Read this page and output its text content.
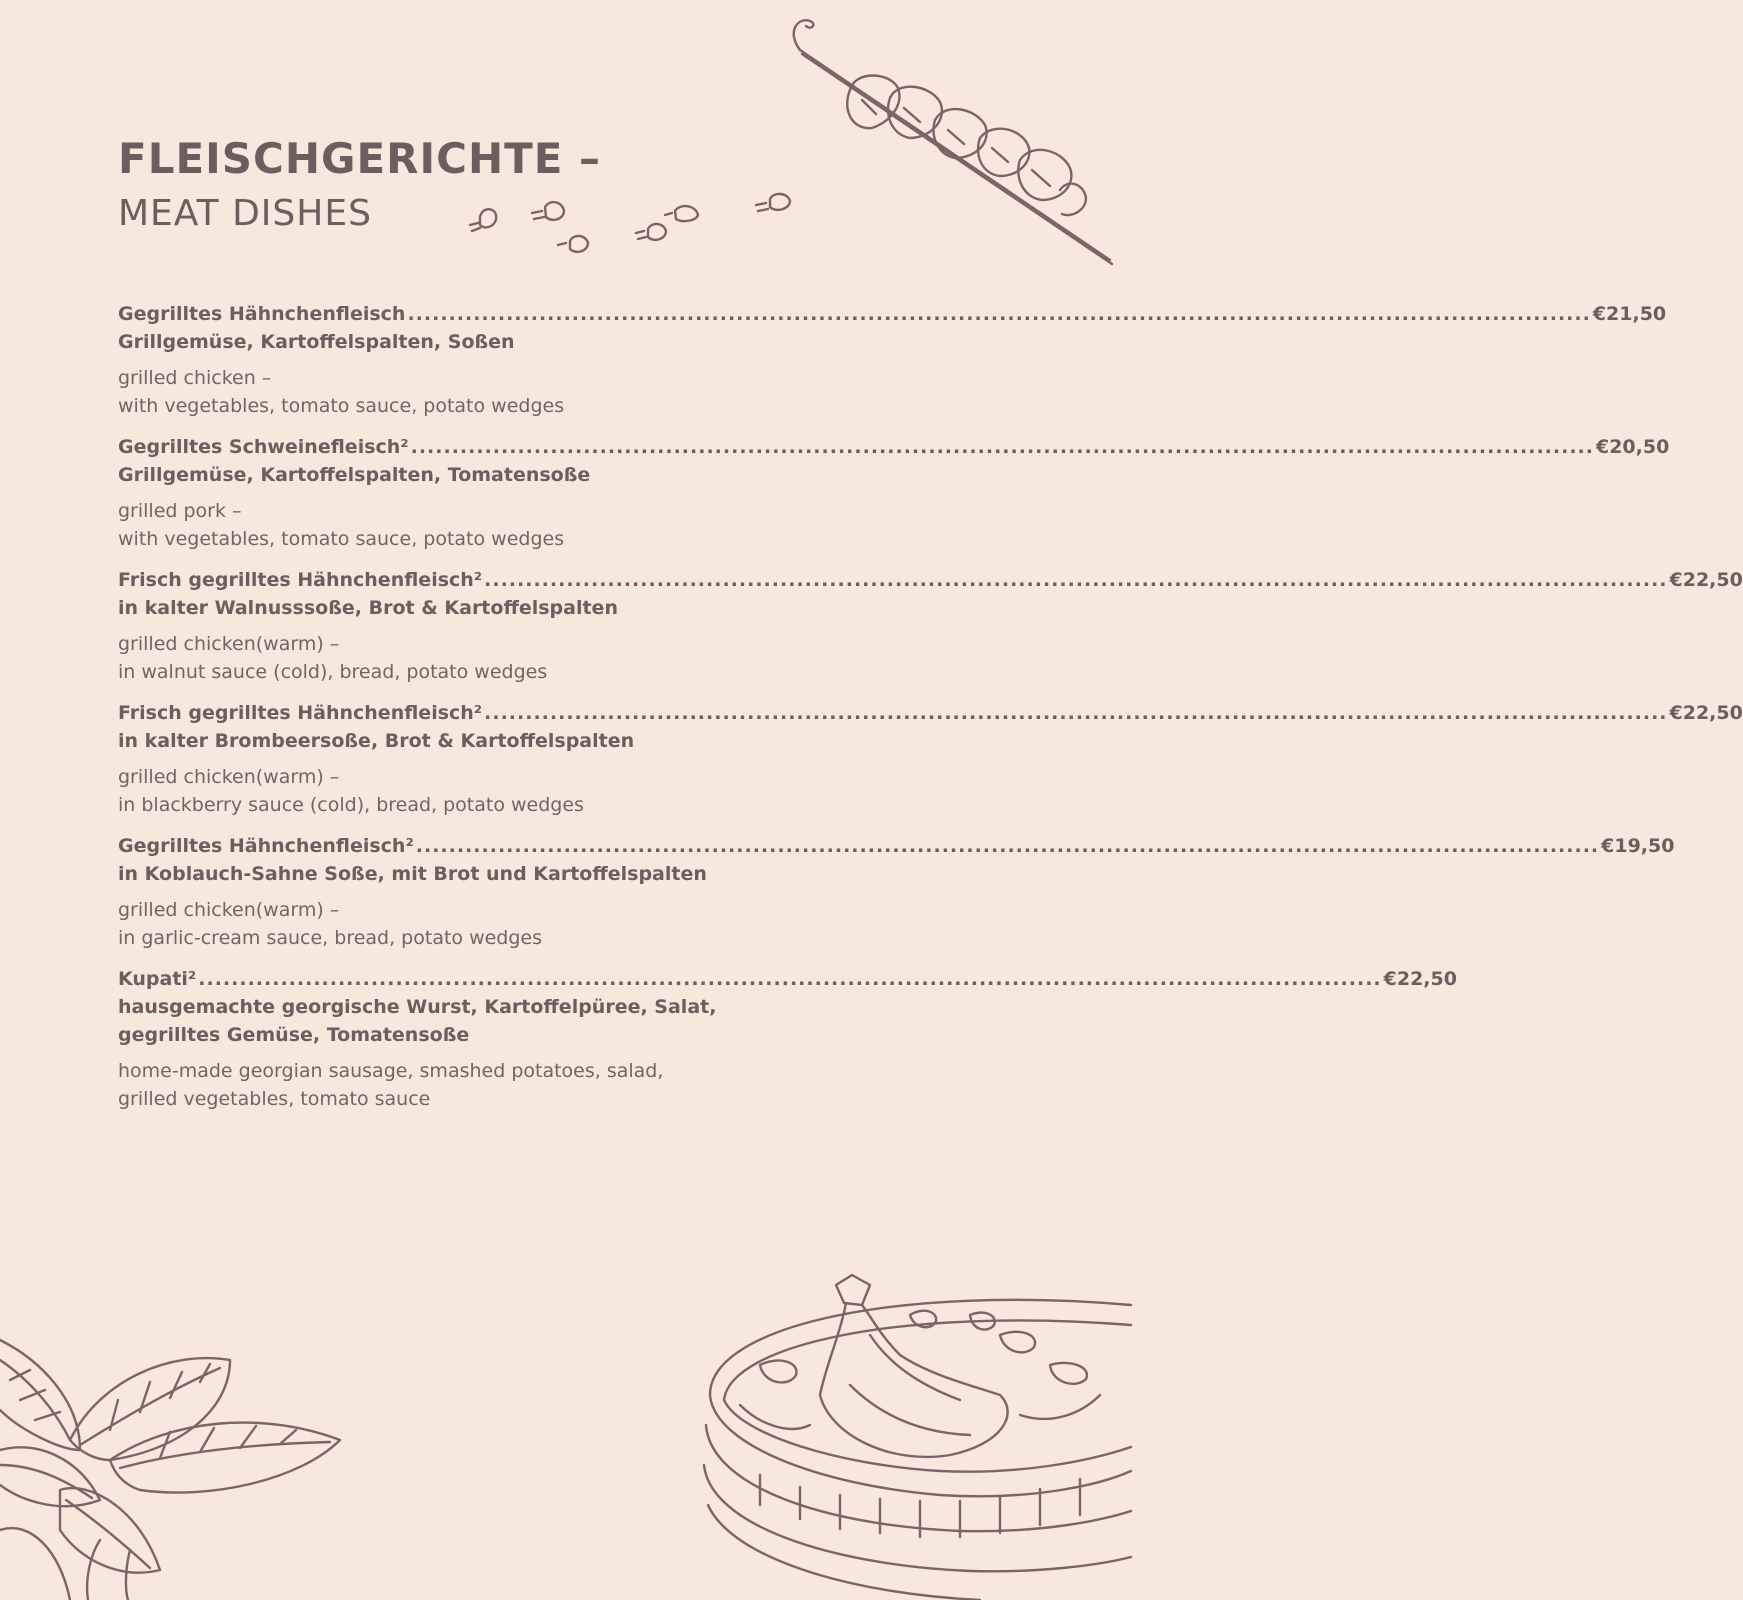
FLEISCHGERICHTE –
MEAT DISHES
Gegrilltes Hähnchenfleisch ................................................................................................................................................ €21,50
Grillgemüse, Kartoffelspalten, Soßen
grilled chicken –
with vegetables, tomato sauce, potato wedges
Gegrilltes Schweinefleisch² ................................................................................................................................................ €20,50
Grillgemüse, Kartoffelspalten, Tomatensoße
grilled pork –
with vegetables, tomato sauce, potato wedges
Frisch gegrilltes Hähnchenfleisch² ................................................................................................................................................ €22,50
in kalter Walnusssoße, Brot & Kartoffelspalten
grilled chicken(warm) –
in walnut sauce (cold), bread, potato wedges
Frisch gegrilltes Hähnchenfleisch² ................................................................................................................................................ €22,50
in kalter Brombeersoße, Brot & Kartoffelspalten
grilled chicken(warm) –
in blackberry sauce (cold), bread, potato wedges
Gegrilltes Hähnchenfleisch² ................................................................................................................................................ €19,50
in Koblauch-Sahne Soße, mit Brot und Kartoffelspalten
grilled chicken(warm) –
in garlic-cream sauce, bread, potato wedges
Kupati² ................................................................................................................................................ €22,50
hausgemachte georgische Wurst, Kartoffelpüree, Salat,
gegrilltes Gemüse, Tomatensoße
home-made georgian sausage, smashed potatoes, salad,
grilled vegetables, tomato sauce
